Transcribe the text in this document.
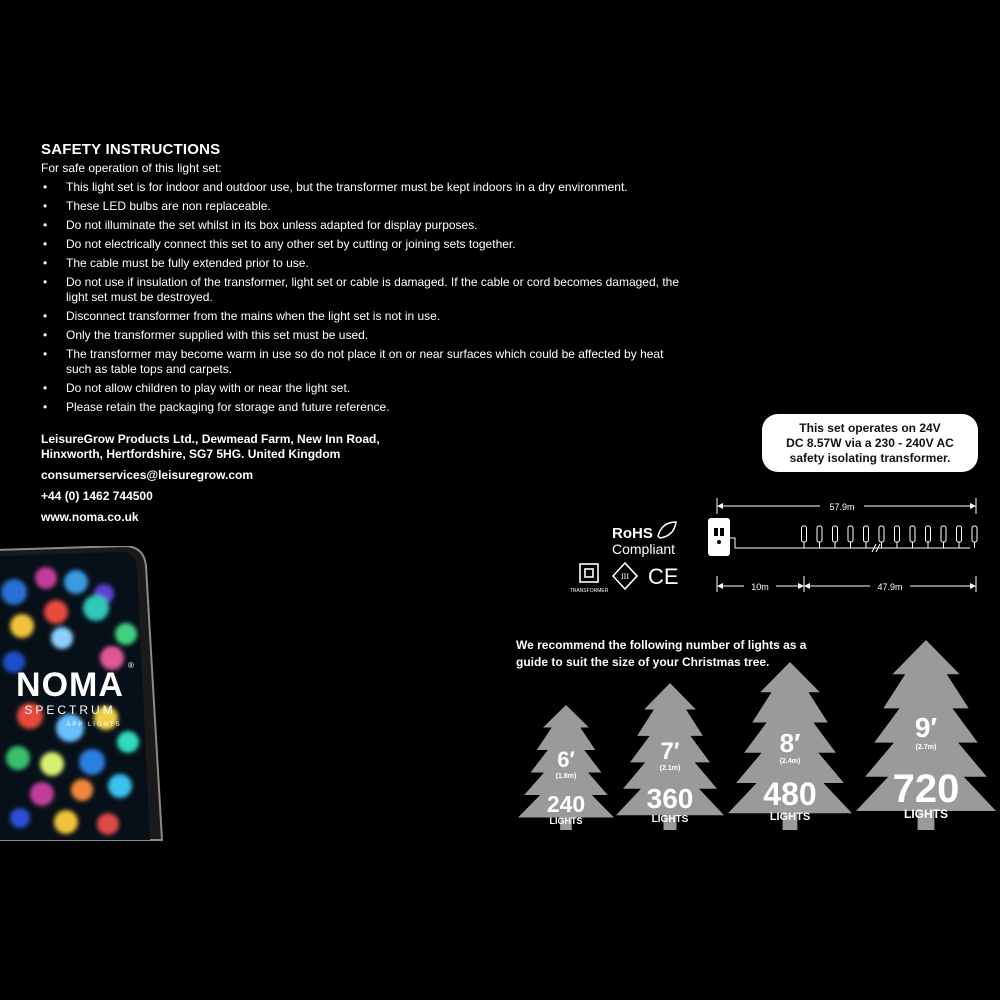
SAFETY INSTRUCTIONS

For safe operation of this light set:

• This light set is for indoor and outdoor use, but the transformer must be kept indoors in a dry environment.
• These LED bulbs are non replaceable.
• Do not illuminate the set whilst in its box unless adapted for display purposes.
• Do not electrically connect this set to any other set by cutting or joining sets together.
• The cable must be fully extended prior to use.
• Do not use if insulation of the transformer, light set or cable is damaged. If the cable or cord becomes damaged, the light set must be destroyed.
• Disconnect transformer from the mains when the light set is not in use.
• Only the transformer supplied with this set must be used.
• The transformer may become warm in use so do not place it on or near surfaces which could be affected by heat such as table tops and carpets.
• Do not allow children to play with or near the light set.
• Please retain the packaging for storage and future reference.
LeisureGrow Products Ltd., Dewmead Farm, New Inn Road,
Hinxworth, Hertfordshire, SG7 5HG. United Kingdom
consumerservices@leisuregrow.com
+44 (0) 1462 744500
www.noma.co.uk
NOMA
®
SPECTRUM
APP LIGHTS
This set operates on 24V
DC 8.57W via a 230 - 240V AC
safety isolating transformer.
RoHS
Compliant
TRANSFORMER
III CE
57.9m
10m	47.9m
We recommend the following number of lights as a guide to suit the size of your Christmas tree.
6′
(1.8m)
240
LIGHTS
7′
(2.1m)
360
LIGHTS
8′
(2.4m)
480
LIGHTS
9′
(2.7m)
720
LIGHTS
